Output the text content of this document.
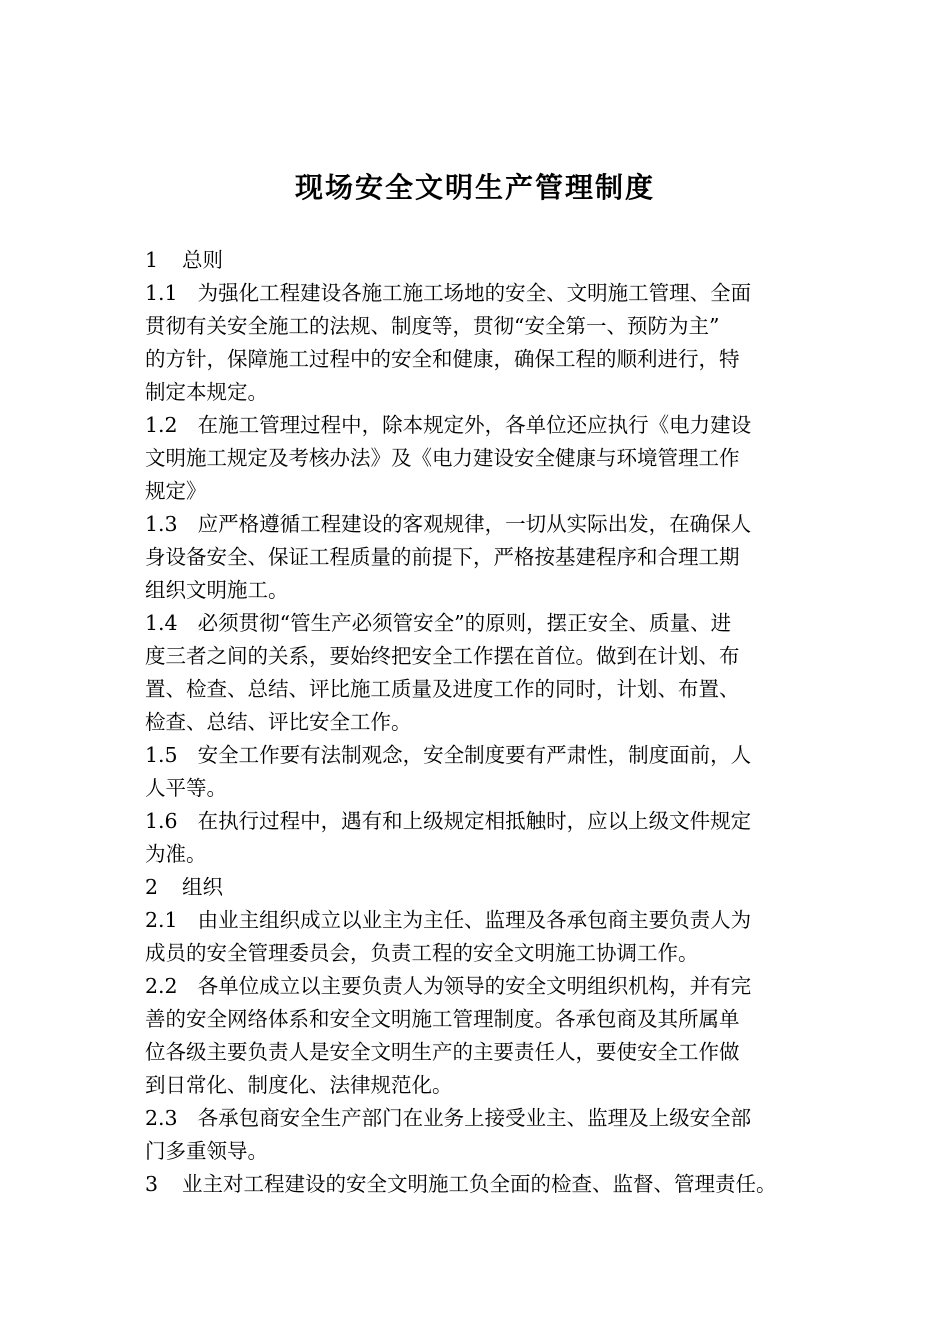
现场安全文明生产管理制度
1 总则
1.1 为强化工程建设各施工施工场地的安全、文明施工管理、全面
贯彻有关安全施工的法规、制度等，贯彻“安全第一、预防为主”
的方针，保障施工过程中的安全和健康，确保工程的顺利进行，特
制定本规定。
1.2 在施工管理过程中，除本规定外，各单位还应执行《电力建设
文明施工规定及考核办法》及《电力建设安全健康与环境管理工作
规定》
1.3 应严格遵循工程建设的客观规律，一切从实际出发，在确保人
身设备安全、保证工程质量的前提下，严格按基建程序和合理工期
组织文明施工。
1.4 必须贯彻“管生产必须管安全”的原则，摆正安全、质量、进
度三者之间的关系，要始终把安全工作摆在首位。做到在计划、布
置、检查、总结、评比施工质量及进度工作的同时，计划、布置、
检查、总结、评比安全工作。
1.5 安全工作要有法制观念，安全制度要有严肃性，制度面前，人
人平等。
1.6 在执行过程中，遇有和上级规定相抵触时，应以上级文件规定
为准。
2 组织
2.1 由业主组织成立以业主为主任、监理及各承包商主要负责人为
成员的安全管理委员会，负责工程的安全文明施工协调工作。
2.2 各单位成立以主要负责人为领导的安全文明组织机构，并有完
善的安全网络体系和安全文明施工管理制度。各承包商及其所属单
位各级主要负责人是安全文明生产的主要责任人，要使安全工作做
到日常化、制度化、法律规范化。
2.3 各承包商安全生产部门在业务上接受业主、监理及上级安全部
门多重领导。
3 业主对工程建设的安全文明施工负全面的检查、监督、管理责任。
